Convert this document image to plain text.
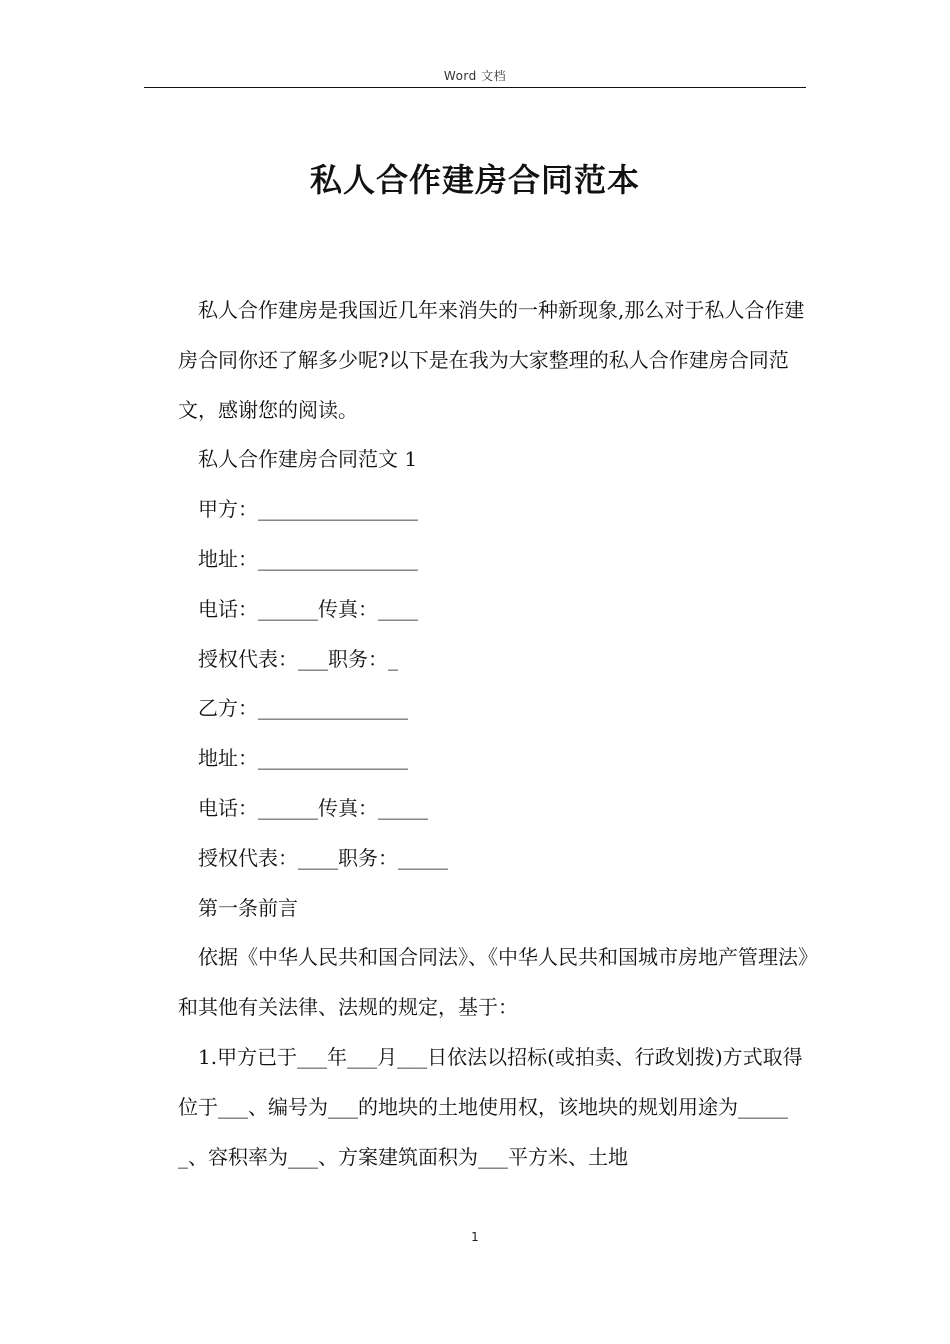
Word 文档
私人合作建房合同范本

私人合作建房是我国近几年来消失的一种新现象,那么对于私人合作建房合同你还了解多少呢?以下是在我为大家整理的私人合作建房合同范文，感谢您的阅读。

私人合作建房合同范文 1

甲方：________________

地址：________________

电话：______传真：____

授权代表：___职务：_

乙方：_______________

地址：_______________

电话：______传真：_____

授权代表：____职务：_____

第一条前言

依据《中华人民共和国合同法》、《中华人民共和国城市房地产管理法》和其他有关法律、法规的规定，基于：

1.甲方已于___年___月___日依法以招标(或拍卖、行政划拨)方式取得位于___、编号为___的地块的土地使用权，该地块的规划用途为______、容积率为___、方案建筑面积为___平方米、土地

1
